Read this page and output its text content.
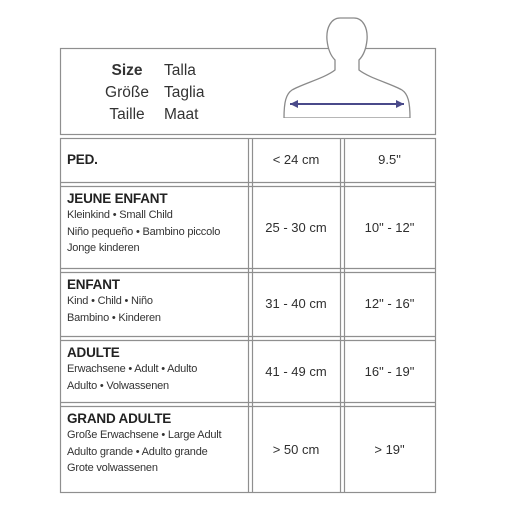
Size	Talla
Größe Taglia
Taille	Maat
PED.	< 24 cm	9.5"
JEUNE ENFANT
Kleinkind • Small Child
Niño pequeño • Bambino piccolo
Jonge kinderen
25 - 30 cm	10" - 12"
ENFANT
Kind • Child • Niño
Bambino • Kinderen
31 - 40 cm	12" - 16"
ADULTE
Erwachsene • Adult • Adulto
Adulto • Volwassenen
41 - 49 cm	16" - 19"
GRAND ADULTE
Große Erwachsene • Large Adult
Adulto grande • Adulto grande
Grote volwassenen
> 50 cm	> 19"
